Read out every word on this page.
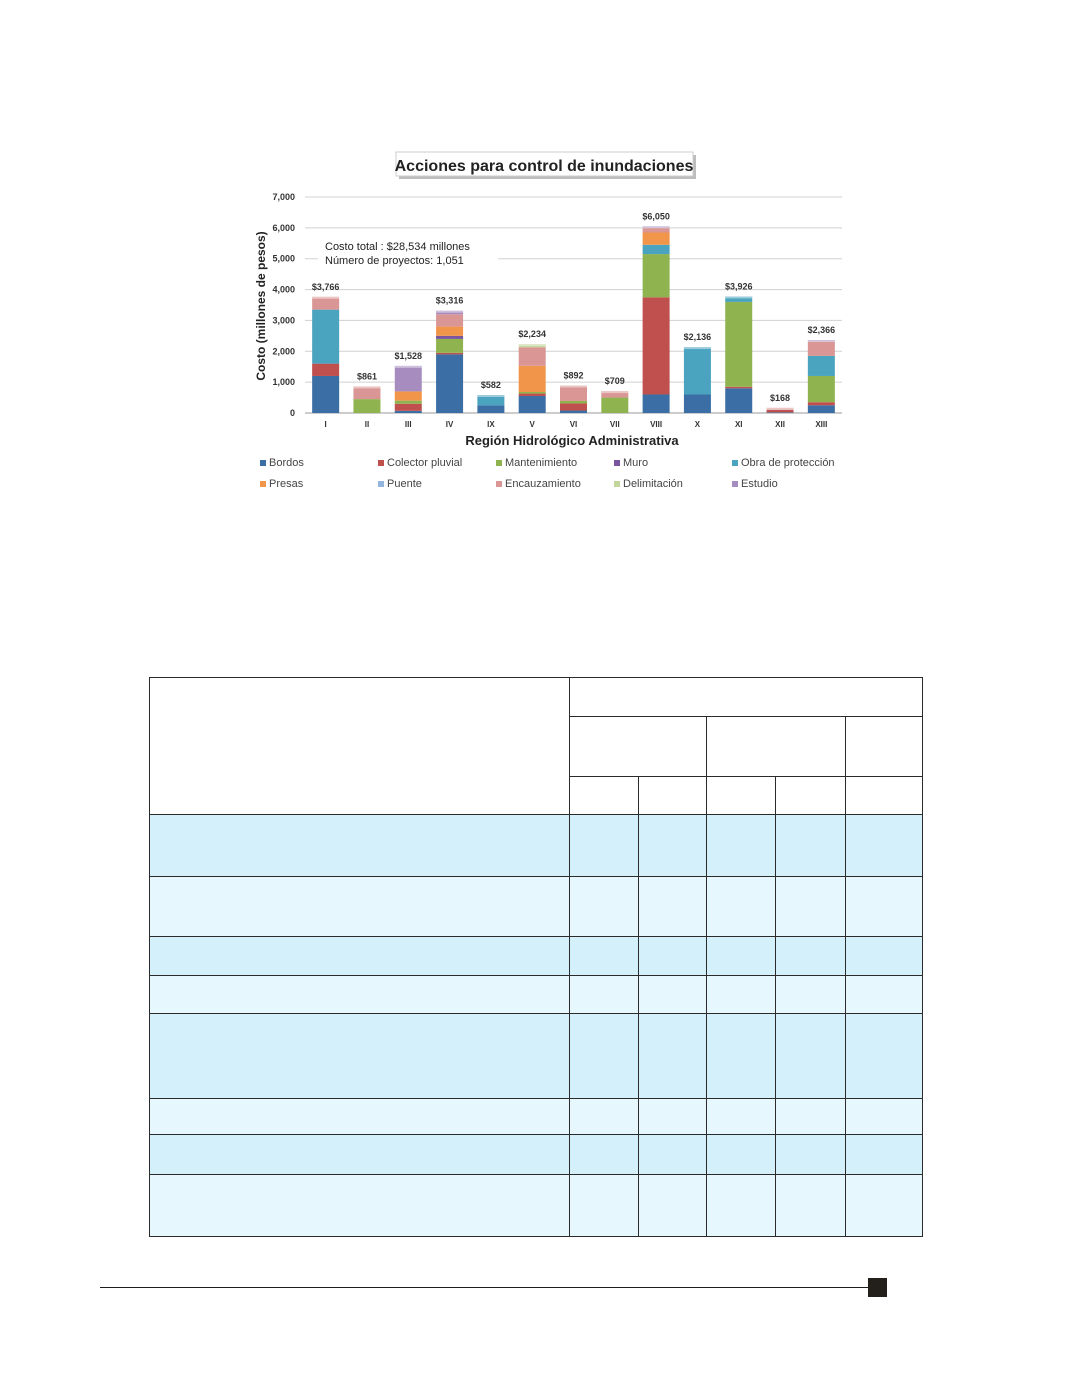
Acciones para control de inundaciones
0
1,000
2,000
3,000
4,000
5,000
6,000
7,000
Costo total : $28,534 millones
Número de proyectos: 1,051
$3,766
I
$861
II
$1,528
III
$3,316
IV
$582
IX
$2,234
V
$892
VI
$709
VII
$6,050
VIII
$2,136
X
$3,926
XI
$168
XII
$2,366
XIII
Costo (millones de pesos)
Región Hidrológico Administrativa
Bordos	Colector pluvial	Mantenimiento	Muro	Obra de protección
Presas	Puente	Encauzamiento	Delimitación	Estudio
